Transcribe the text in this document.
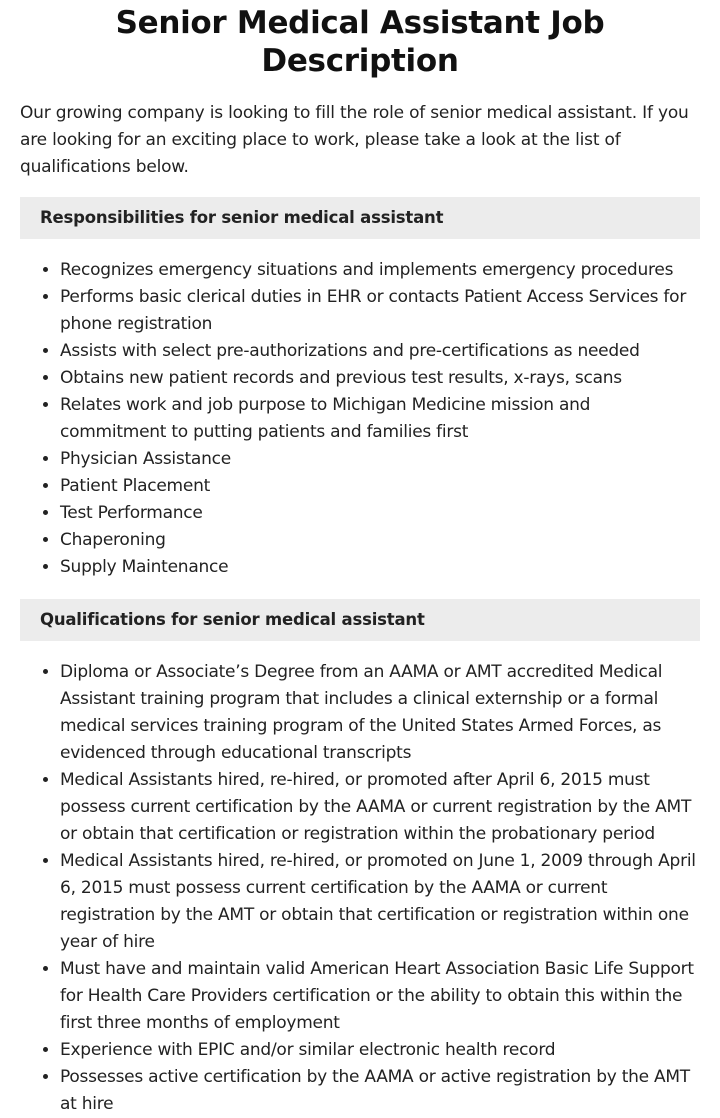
Senior Medical Assistant Job Description

Our growing company is looking to fill the role of senior medical assistant. If you are looking for an exciting place to work, please take a look at the list of qualifications below.

Responsibilities for senior medical assistant
• Recognizes emergency situations and implements emergency procedures
• Performs basic clerical duties in EHR or contacts Patient Access Services for phone registration
• Assists with select pre-authorizations and pre-certifications as needed
• Obtains new patient records and previous test results, x-rays, scans
• Relates work and job purpose to Michigan Medicine mission and commitment to putting patients and families first
• Physician Assistance
• Patient Placement
• Test Performance
• Chaperoning
• Supply Maintenance
Qualifications for senior medical assistant
• Diploma or Associate’s Degree from an AAMA or AMT accredited Medical Assistant training program that includes a clinical externship or a formal medical services training program of the United States Armed Forces, as evidenced through educational transcripts
• Medical Assistants hired, re-hired, or promoted after April 6, 2015 must possess current certification by the AAMA or current registration by the AMT or obtain that certification or registration within the probationary period
• Medical Assistants hired, re-hired, or promoted on June 1, 2009 through April 6, 2015 must possess current certification by the AAMA or current registration by the AMT or obtain that certification or registration within one year of hire
• Must have and maintain valid American Heart Association Basic Life Support for Health Care Providers certification or the ability to obtain this within the first three months of employment
• Experience with EPIC and/or similar electronic health record
• Possesses active certification by the AAMA or active registration by the AMT at hire
